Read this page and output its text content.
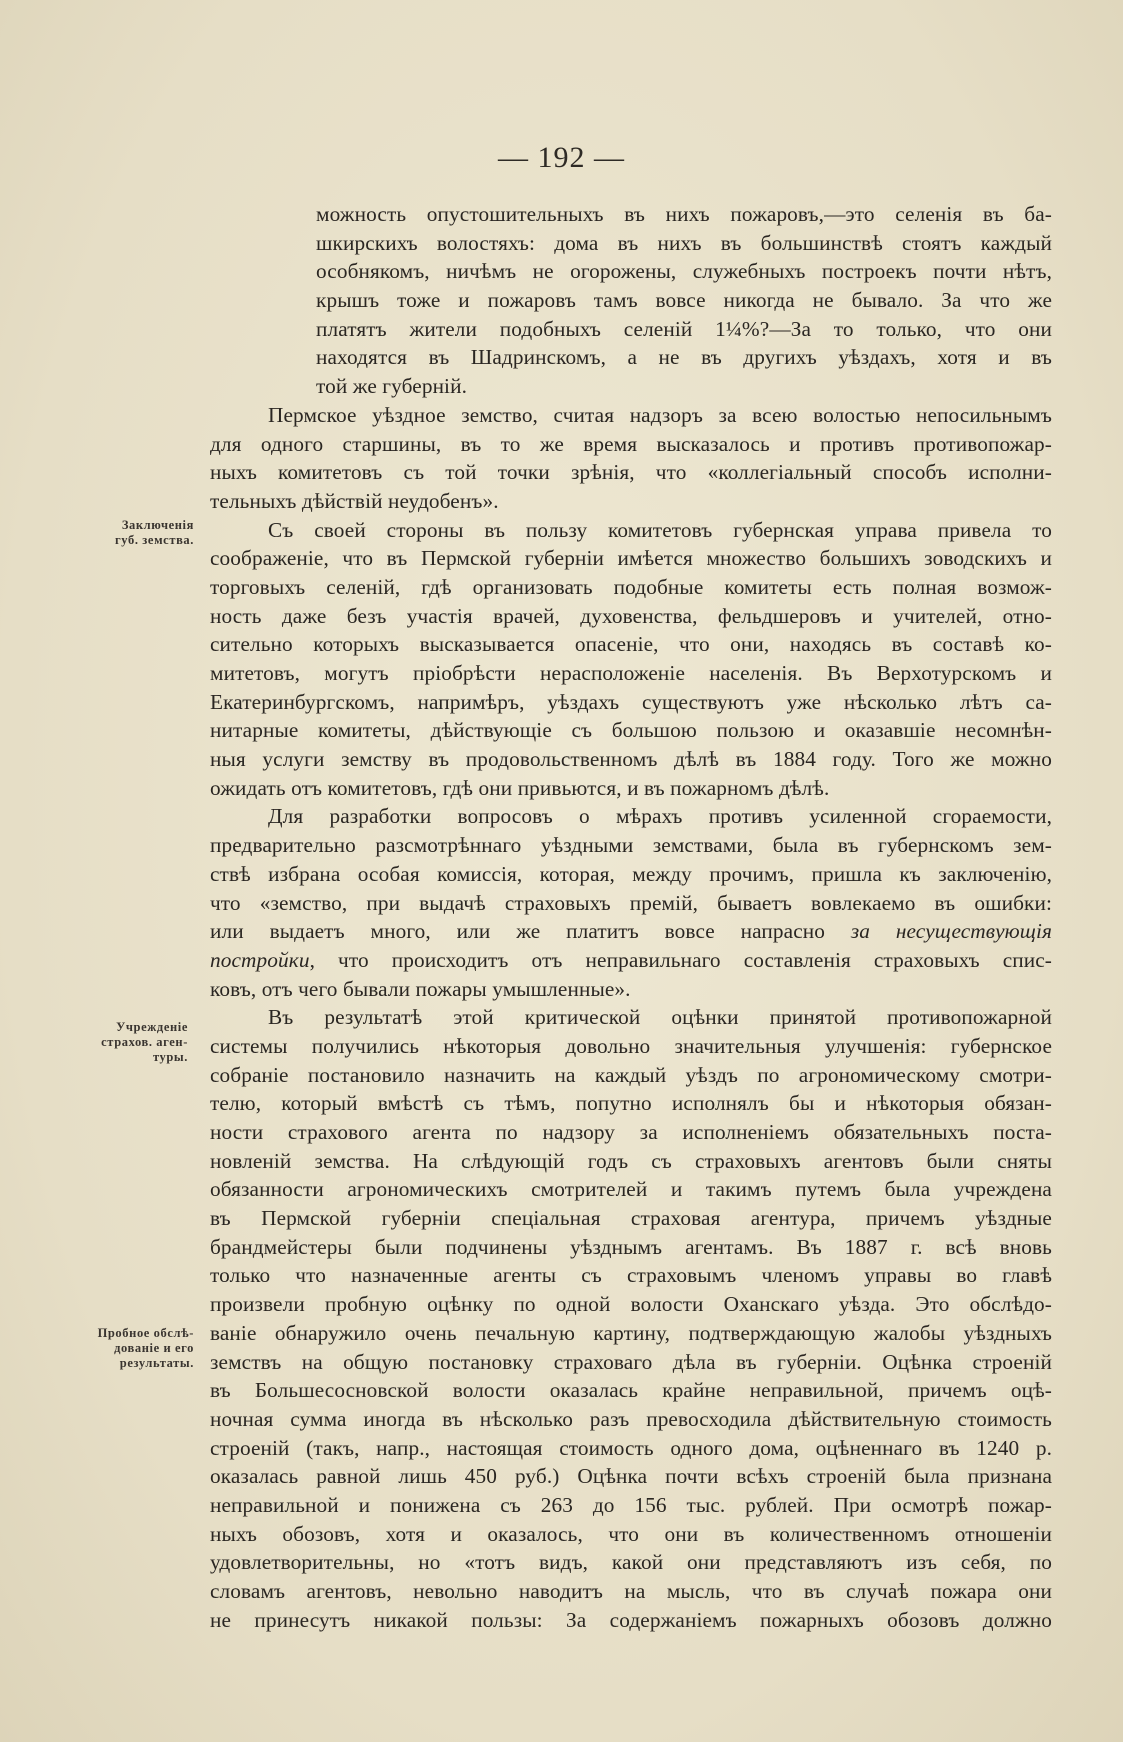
— 192 —
Заключенія
губ. земства.
Учрежденіе
страхов. аген-
туры.
Пробное обслѣ-
дованіе и его
результаты.
можность опустошительныхъ въ нихъ пожаровъ,—это селенія въ ба-
шкирскихъ волостяхъ: дома въ нихъ въ большинствѣ стоятъ каждый
особнякомъ, ничѣмъ не огорожены, служебныхъ построекъ почти нѣтъ,
крышъ тоже и пожаровъ тамъ вовсе никогда не бывало. За что же
платятъ жители подобныхъ селеній 1¼%?—За то только, что они
находятся въ Шадринскомъ, а не въ другихъ уѣздахъ, хотя и въ
той же губерній.
Пермское уѣздное земство, считая надзоръ за всею волостью непосильнымъ
для одного старшины, въ то же время высказалось и противъ противопожар-
ныхъ комитетовъ съ той точки зрѣнія, что «коллегіальный способъ исполни-
тельныхъ дѣйствій неудобенъ».
Съ своей стороны въ пользу комитетовъ губернская управа привела то
соображеніе, что въ Пермской губерніи имѣется множество большихъ зоводскихъ и
торговыхъ селеній, гдѣ организовать подобные комитеты есть полная возмож-
ность даже безъ участія врачей, духовенства, фельдшеровъ и учителей, отно-
сительно которыхъ высказывается опасеніе, что они, находясь въ составѣ ко-
митетовъ, могутъ пріобрѣсти нерасположеніе населенія. Въ Верхотурскомъ и
Екатеринбургскомъ, напримѣръ, уѣздахъ существуютъ уже нѣсколько лѣтъ са-
нитарные комитеты, дѣйствующіе съ большою пользою и оказавшіе несомнѣн-
ныя услуги земству въ продовольственномъ дѣлѣ въ 1884 году. Того же можно
ожидать отъ комитетовъ, гдѣ они привьются, и въ пожарномъ дѣлѣ.
Для разработки вопросовъ о мѣрахъ противъ усиленной сгораемости,
предварительно разсмотрѣннаго уѣздными земствами, была въ губернскомъ зем-
ствѣ избрана особая комиссія, которая, между прочимъ, пришла къ заключенію,
что «земство, при выдачѣ страховыхъ премій, бываетъ вовлекаемо въ ошибки:
или выдаетъ много, или же платитъ вовсе напрасно за несуществующія
постройки, что происходитъ отъ неправильнаго составленія страховыхъ спис-
ковъ, отъ чего бывали пожары умышленные».
Въ результатѣ этой критической оцѣнки принятой противопожарной
системы получились нѣкоторыя довольно значительныя улучшенія: губернское
собраніе постановило назначить на каждый уѣздъ по агрономическому смотри-
телю, который вмѣстѣ съ тѣмъ, попутно исполнялъ бы и нѣкоторыя обязан-
ности страхового агента по надзору за исполненіемъ обязательныхъ поста-
новленій земства. На слѣдующій годъ съ страховыхъ агентовъ были сняты
обязанности агрономическихъ смотрителей и такимъ путемъ была учреждена
въ Пермской губерніи спеціальная страховая агентура, причемъ уѣздные
брандмейстеры были подчинены уѣзднымъ агентамъ. Въ 1887 г. всѣ вновь
только что назначенные агенты съ страховымъ членомъ управы во главѣ
произвели пробную оцѣнку по одной волости Оханскаго уѣзда. Это обслѣдо-
ваніе обнаружило очень печальную картину, подтверждающую жалобы уѣздныхъ
земствъ на общую постановку страховаго дѣла въ губерніи. Оцѣнка строеній
въ Большесосновской волости оказалась крайне неправильной, причемъ оцѣ-
ночная сумма иногда въ нѣсколько разъ превосходила дѣйствительную стоимость
строеній (такъ, напр., настоящая стоимость одного дома, оцѣненнаго въ 1240 р.
оказалась равной лишь 450 руб.) Оцѣнка почти всѣхъ строеній была признана
неправильной и понижена съ 263 до 156 тыс. рублей. При осмотрѣ пожар-
ныхъ обозовъ, хотя и оказалось, что они въ количественномъ отношеніи
удовлетворительны, но «тотъ видъ, какой они представляютъ изъ себя, по
словамъ агентовъ, невольно наводитъ на мысль, что въ случаѣ пожара они
не принесутъ никакой пользы: За содержаніемъ пожарныхъ обозовъ должно
